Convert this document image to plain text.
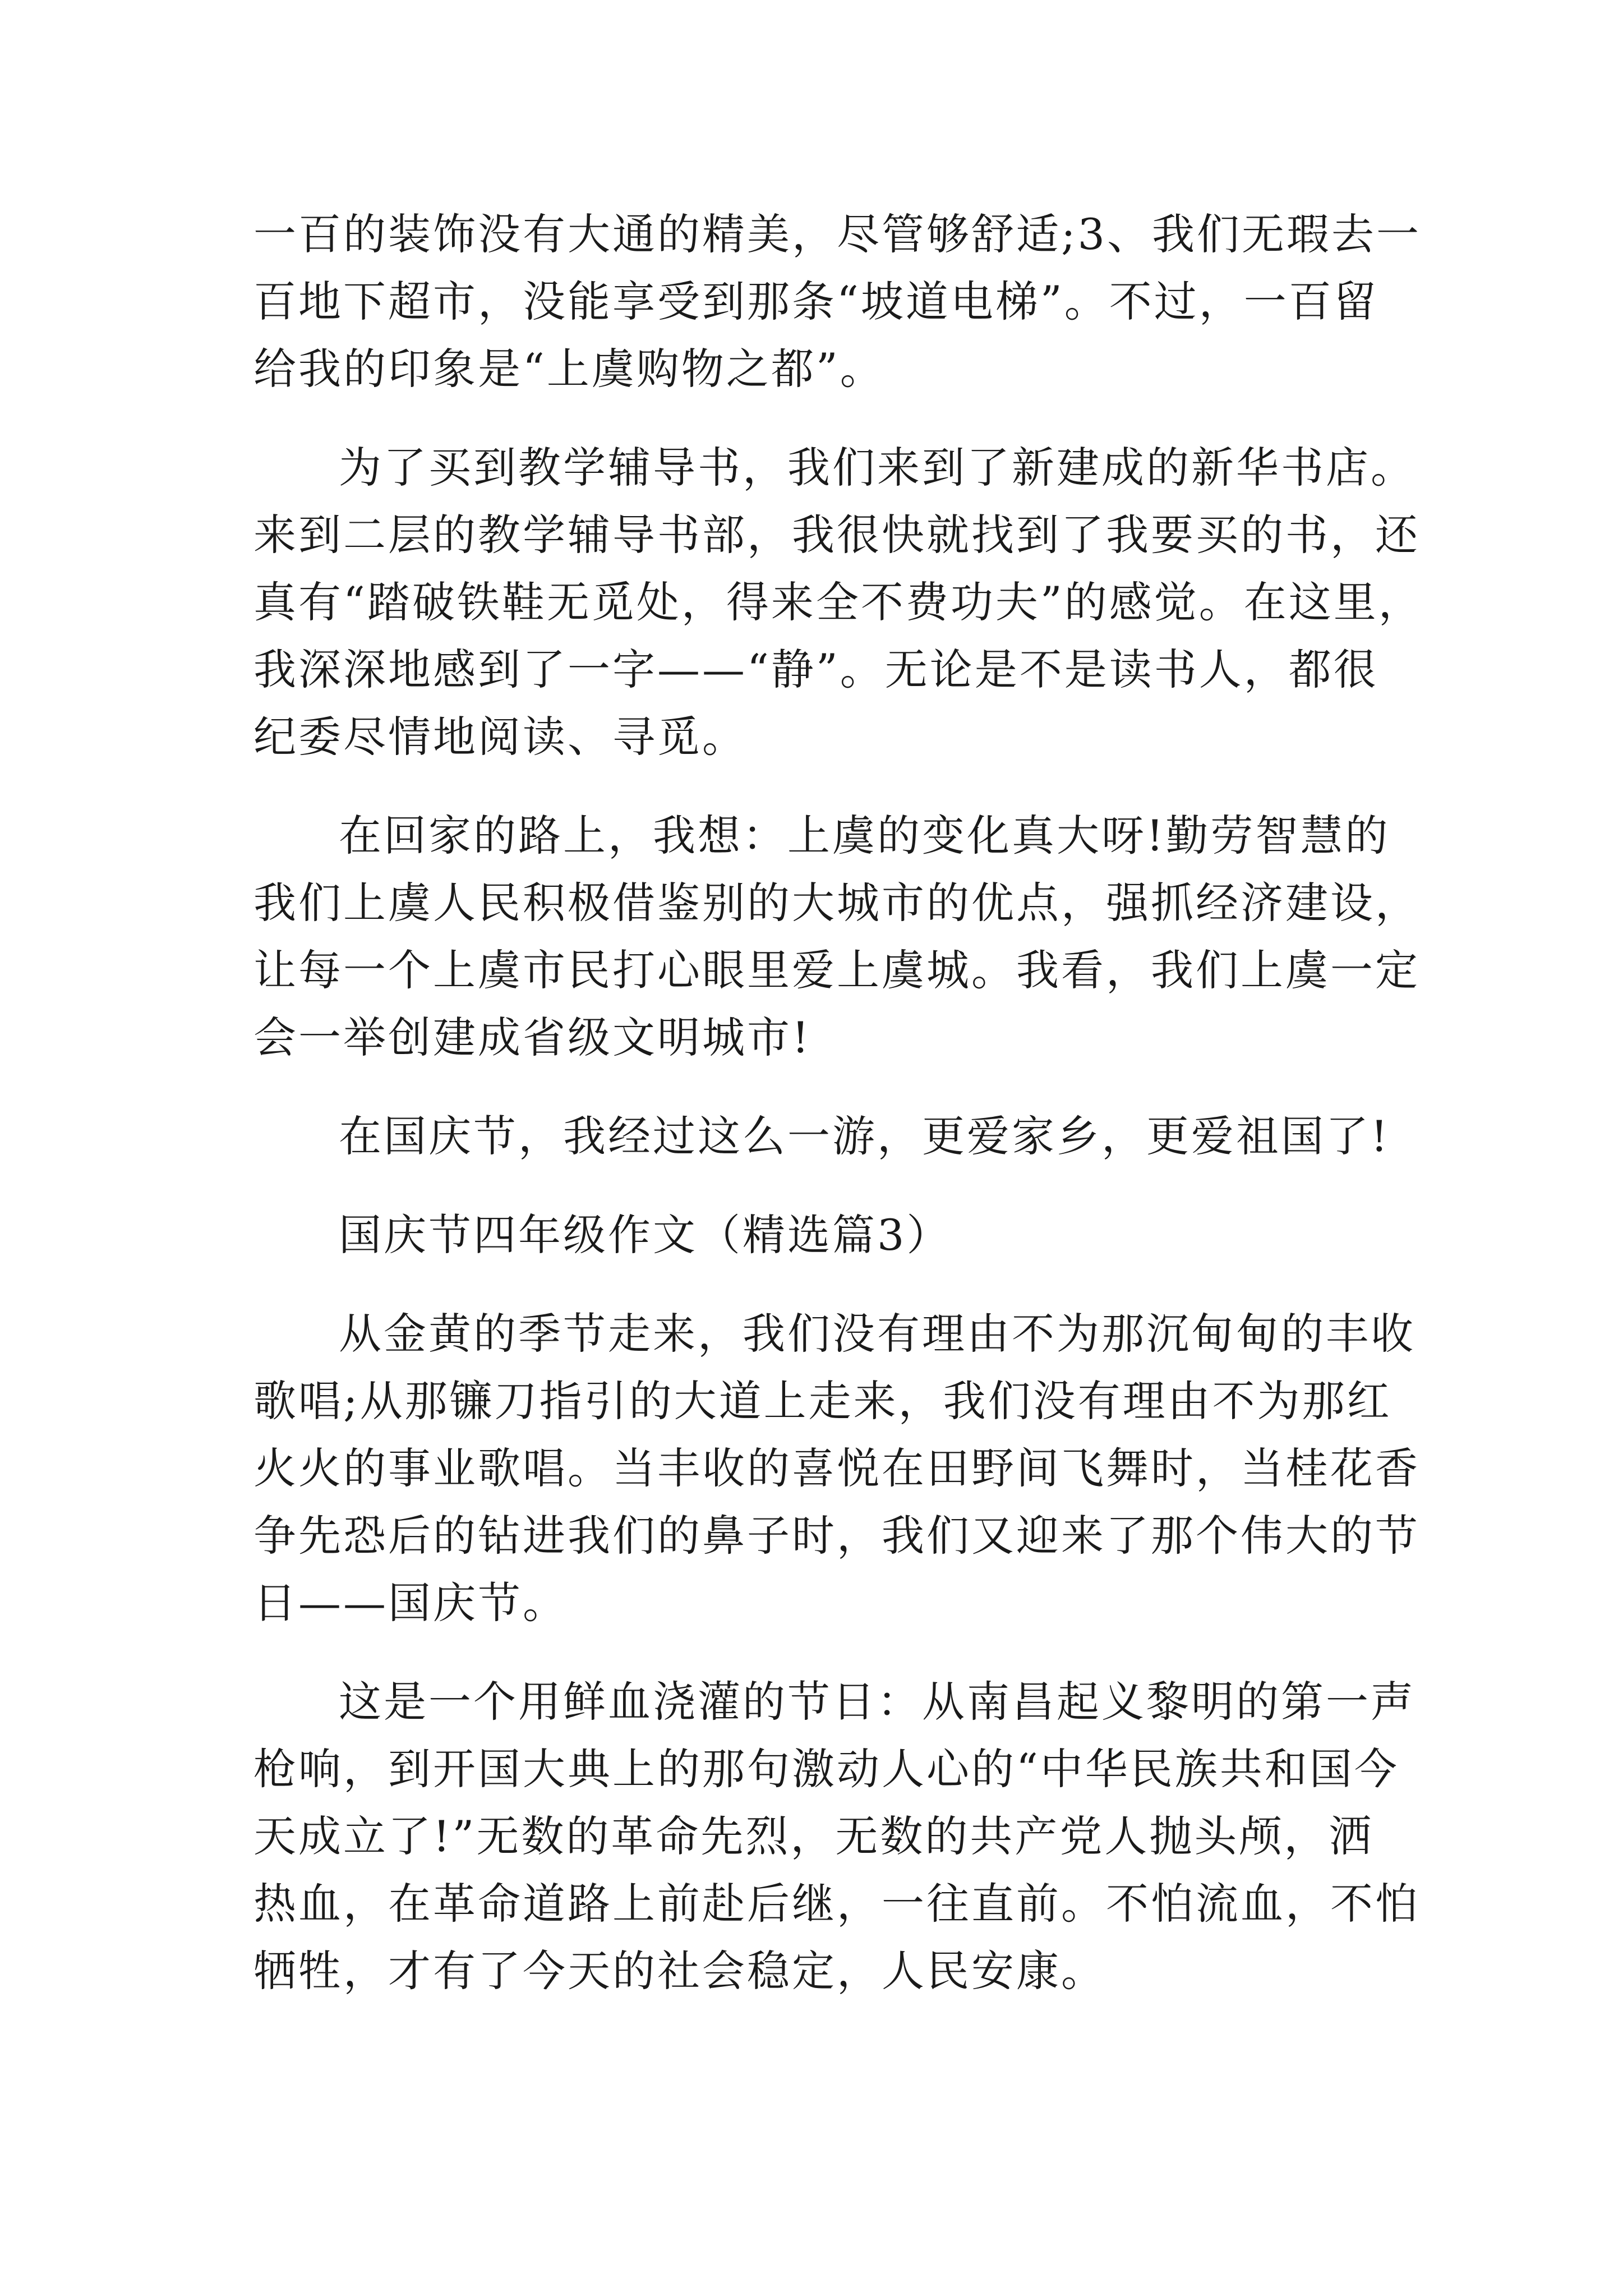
一百的装饰没有大通的精美，尽管够舒适;3、我们无瑕去一
百地下超市，没能享受到那条“坡道电梯”。不过，一百留
给我的印象是“上虞购物之都”。
为了买到教学辅导书，我们来到了新建成的新华书店。
来到二层的教学辅导书部，我很快就找到了我要买的书，还
真有“踏破铁鞋无觅处，得来全不费功夫”的感觉。在这里，
我深深地感到了一字——“静”。无论是不是读书人，都很
纪委尽情地阅读、寻觅。
在回家的路上，我想：上虞的变化真大呀!勤劳智慧的
我们上虞人民积极借鉴别的大城市的优点，强抓经济建设，
让每一个上虞市民打心眼里爱上虞城。我看，我们上虞一定
会一举创建成省级文明城市!
在国庆节，我经过这么一游，更爱家乡，更爱祖国了!
国庆节四年级作文（精选篇3）
从金黄的季节走来，我们没有理由不为那沉甸甸的丰收
歌唱;从那镰刀指引的大道上走来，我们没有理由不为那红
火火的事业歌唱。当丰收的喜悦在田野间飞舞时，当桂花香
争先恐后的钻进我们的鼻子时，我们又迎来了那个伟大的节
日——国庆节。
这是一个用鲜血浇灌的节日：从南昌起义黎明的第一声
枪响，到开国大典上的那句激动人心的“中华民族共和国今
天成立了!”无数的革命先烈，无数的共产党人抛头颅，洒
热血，在革命道路上前赴后继，一往直前。不怕流血，不怕
牺牲，才有了今天的社会稳定，人民安康。
